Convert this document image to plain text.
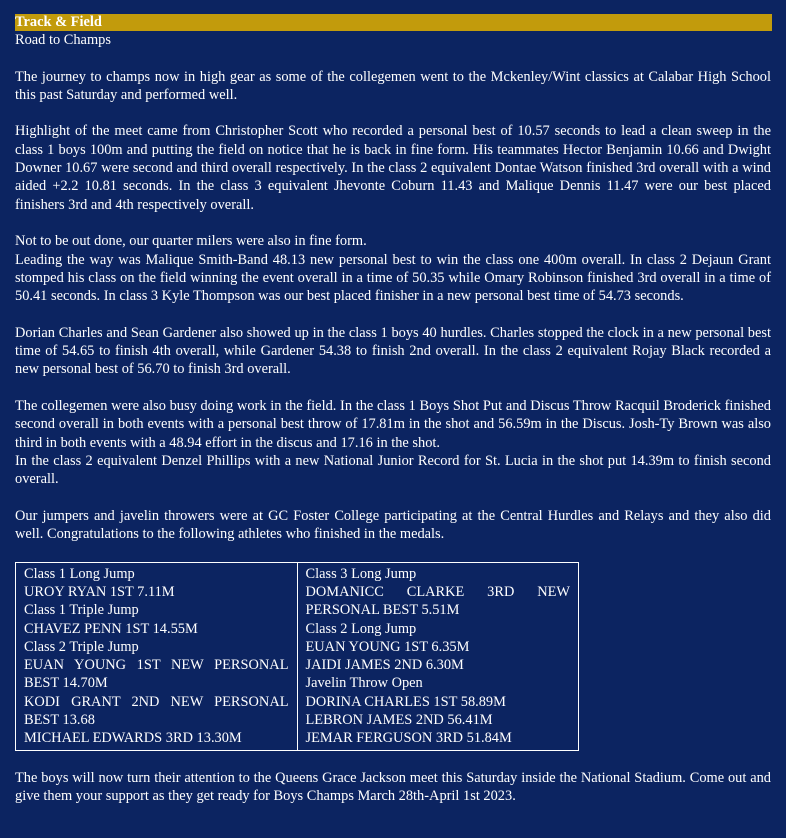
Track & Field
Road to Champs

The journey to champs now in high gear as some of the collegemen went to the Mckenley/Wint classics at Calabar High School this past Saturday and performed well.

Highlight of the meet came from Christopher Scott who recorded a personal best of 10.57 seconds to lead a clean sweep in the class 1 boys 100m and putting the field on notice that he is back in fine form. His teammates Hector Benjamin 10.66 and Dwight Downer 10.67 were second and third overall respectively. In the class 2 equivalent Dontae Watson finished 3rd overall with a wind aided +2.2 10.81 seconds. In the class 3 equivalent Jhevonte Coburn 11.43 and Malique Dennis 11.47 were our best placed finishers 3rd and 4th respectively overall.

Not to be out done, our quarter milers were also in fine form.

Leading the way was Malique Smith-Band 48.13 new personal best to win the class one 400m overall. In class 2 Dejaun Grant stomped his class on the field winning the event overall in a time of 50.35 while Omary Robinson finished 3rd overall in a time of 50.41 seconds. In class 3 Kyle Thompson was our best placed finisher in a new personal best time of 54.73 seconds.

Dorian Charles and Sean Gardener also showed up in the class 1 boys 40 hurdles. Charles stopped the clock in a new personal best time of 54.65 to finish 4th overall, while Gardener 54.38 to finish 2nd overall. In the class 2 equivalent Rojay Black recorded a new personal best of 56.70 to finish 3rd overall.

The collegemen were also busy doing work in the field. In the class 1 Boys Shot Put and Discus Throw Racquil Broderick finished second overall in both events with a personal best throw of 17.81m in the shot and 56.59m in the Discus. Josh-Ty Brown was also third in both events with a 48.94 effort in the discus and 17.16 in the shot.

In the class 2 equivalent Denzel Phillips with a new National Junior Record for St. Lucia in the shot put 14.39m to finish second overall.

Our jumpers and javelin throwers were at GC Foster College participating at the Central Hurdles and Relays and they also did well. Congratulations to the following athletes who finished in the medals.

Class 1 Long Jump
UROY RYAN 1ST 7.11M
Class 1 Triple Jump
CHAVEZ PENN 1ST 14.55M
Class 2 Triple Jump
EUAN YOUNG 1ST NEW PERSONAL BEST 14.70M
KODI GRANT 2ND NEW PERSONAL BEST 13.68
MICHAEL EDWARDS 3RD 13.30M

Class 3 Long Jump
DOMANICC CLARKE 3RD NEW PERSONAL BEST 5.51M
Class 2 Long Jump
EUAN YOUNG 1ST 6.35M
JAIDI JAMES 2ND 6.30M
Javelin Throw Open
DORINA CHARLES 1ST 58.89M
LEBRON JAMES 2ND 56.41M
JEMAR FERGUSON 3RD 51.84M

The boys will now turn their attention to the Queens Grace Jackson meet this Saturday inside the National Stadium. Come out and give them your support as they get ready for Boys Champs March 28th-April 1st 2023.
